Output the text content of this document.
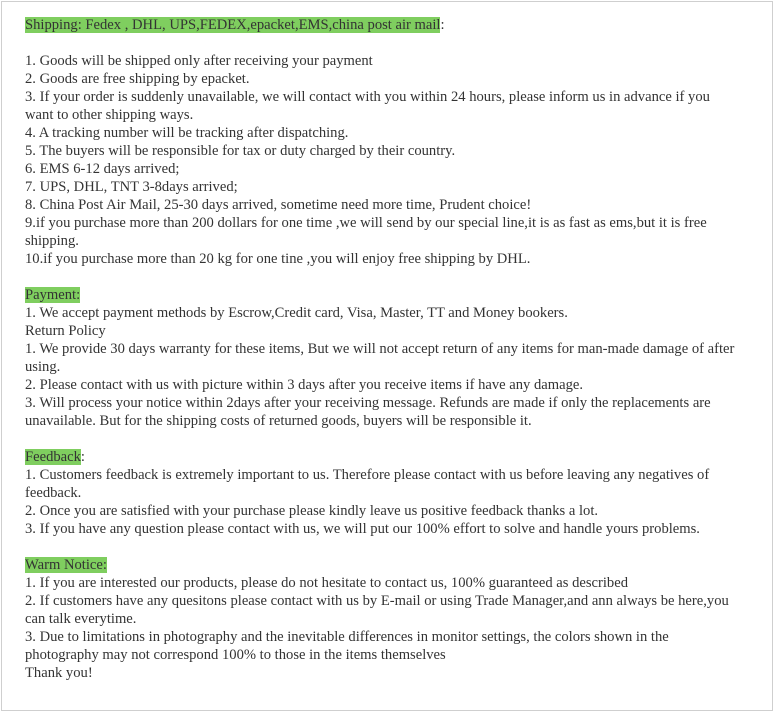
Shipping: Fedex , DHL, UPS,FEDEX,epacket,EMS,china post air mail:

1. Goods will be shipped only after receiving your payment

2. Goods are free shipping by epacket.

3. If your order is suddenly unavailable, we will contact with you within 24 hours, please inform us in advance if you want to other shipping ways.

4. A tracking number will be tracking after dispatching.

5. The buyers will be responsible for tax or duty charged by their country.

6. EMS 6-12 days arrived;

7. UPS, DHL, TNT 3-8days arrived;

8. China Post Air Mail, 25-30 days arrived, sometime need more time, Prudent choice!

9.if you purchase more than 200 dollars for one time ,we will send by our special line,it is as fast as ems,but it is free shipping.

10.if you purchase more than 20 kg for one tine ,you will enjoy free shipping by DHL.

Payment:

1. We accept payment methods by Escrow,Credit card, Visa, Master, TT and Money bookers.

Return Policy

1. We provide 30 days warranty for these items, But we will not accept return of any items for man-made damage of after using.

2. Please contact with us with picture within 3 days after you receive items if have any damage.

3. Will process your notice within 2days after your receiving message. Refunds are made if only the replacements are unavailable. But for the shipping costs of returned goods, buyers will be responsible it.

Feedback:

1. Customers feedback is extremely important to us. Therefore please contact with us before leaving any negatives of feedback.

2. Once you are satisfied with your purchase please kindly leave us positive feedback thanks a lot.

3. If you have any question please contact with us, we will put our 100% effort to solve and handle yours problems.

Warm Notice:

1. If you are interested our products, please do not hesitate to contact us, 100% guaranteed as described

2. If customers have any quesitons please contact with us by E-mail or using Trade Manager,and ann always be here,you can talk everytime.

3. Due to limitations in photography and the inevitable differences in monitor settings, the colors shown in the photography may not correspond 100% to those in the items themselves

Thank you!
